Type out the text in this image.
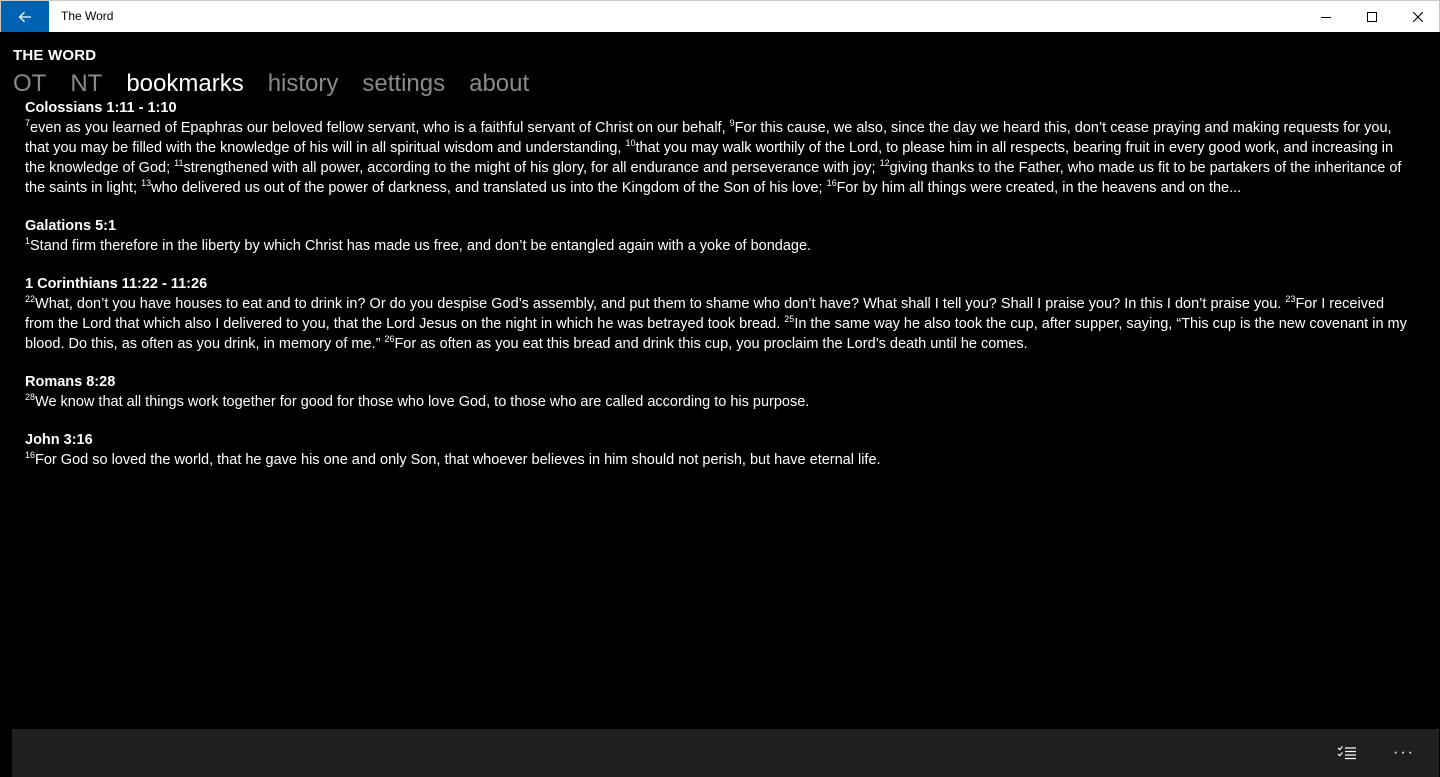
The Word
THE WORD
OT NT bookmarks history settings about
Colossians 1:11 - 1:10
$^7$even as you learned of Epaphras our beloved fellow servant, who is a faithful servant of Christ on our behalf, $^9$For this cause, we also, since the day we heard this, don’t cease praying and making requests for you, that you may be filled with the knowledge of his will in all spiritual wisdom and understanding, $^{10}$that you may walk worthily of the Lord, to please him in all respects, bearing fruit in every good work, and increasing in the knowledge of God; $^{11}$strengthened with all power, according to the might of his glory, for all endurance and perseverance with joy; $^{12}$giving thanks to the Father, who made us fit to be partakers of the inheritance of the saints in light; $^{13}$who delivered us out of the power of darkness, and translated us into the Kingdom of the Son of his love; $^{16}$For by him all things were created, in the heavens and on the...
Galations 5:1
$^1$Stand firm therefore in the liberty by which Christ has made us free, and don’t be entangled again with a yoke of bondage.
1 Corinthians 11:22 - 11:26
$^{22}$What, don’t you have houses to eat and to drink in? Or do you despise God’s assembly, and put them to shame who don’t have? What shall I tell you? Shall I praise you? In this I don’t praise you. $^{23}$For I received from the Lord that which also I delivered to you, that the Lord Jesus on the night in which he was betrayed took bread. $^{25}$In the same way he also took the cup, after supper, saying, “This cup is the new covenant in my blood. Do this, as often as you drink, in memory of me.” $^{26}$For as often as you eat this bread and drink this cup, you proclaim the Lord’s death until he comes.
Romans 8:28
$^{28}$We know that all things work together for good for those who love God, to those who are called according to his purpose.
John 3:16
$^{16}$For God so loved the world, that he gave his one and only Son, that whoever believes in him should not perish, but have eternal life.
···
